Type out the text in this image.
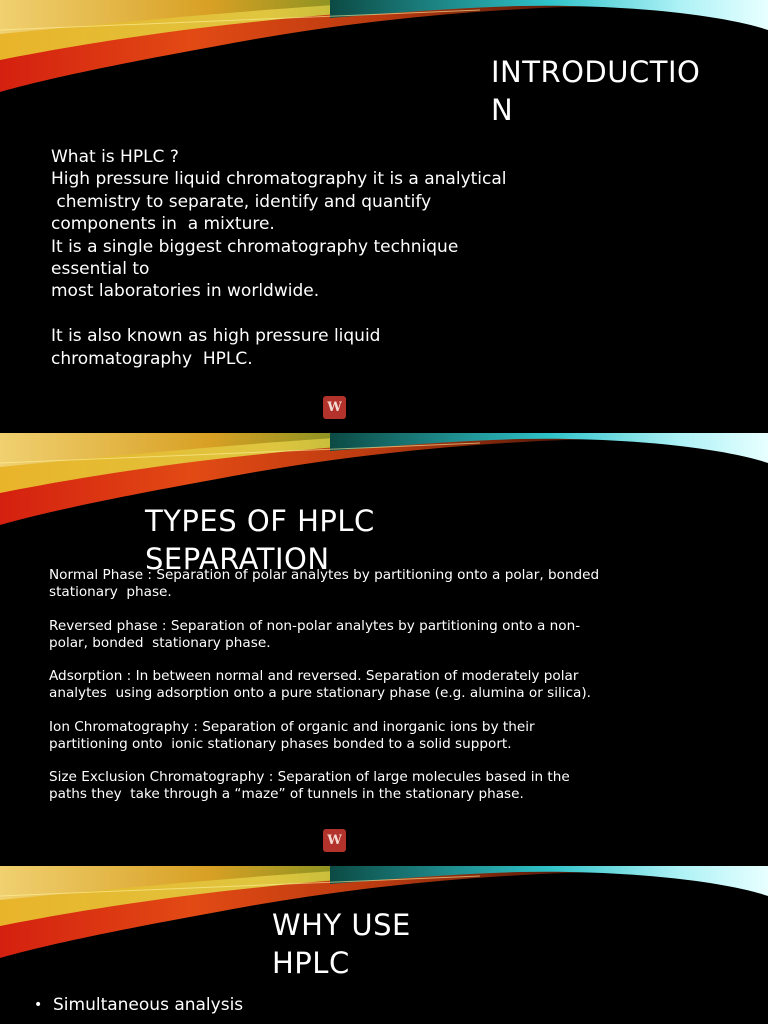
INTRODUCTIO
N
What is HPLC ?
High pressure liquid chromatography it is a analytical
chemistry to separate, identify and quantify
components in  a mixture.
It is a single biggest chromatography technique
essential to
most laboratories in worldwide.

It is also known as high pressure liquid
chromatography  HPLC.
W
TYPES OF HPLC
SEPARATION

Normal Phase : Separation of polar analytes by partitioning onto a polar, bonded
stationary  phase.

Reversed phase : Separation of non-polar analytes by partitioning onto a non-
polar, bonded  stationary phase.

Adsorption : In between normal and reversed. Separation of moderately polar
analytes  using adsorption onto a pure stationary phase (e.g. alumina or silica).

Ion Chromatography : Separation of organic and inorganic ions by their
partitioning onto  ionic stationary phases bonded to a solid support.

Size Exclusion Chromatography : Separation of large molecules based in the
paths they  take through a “maze” of tunnels in the stationary phase.

W
WHY USE
HPLC
• Simultaneous analysis
